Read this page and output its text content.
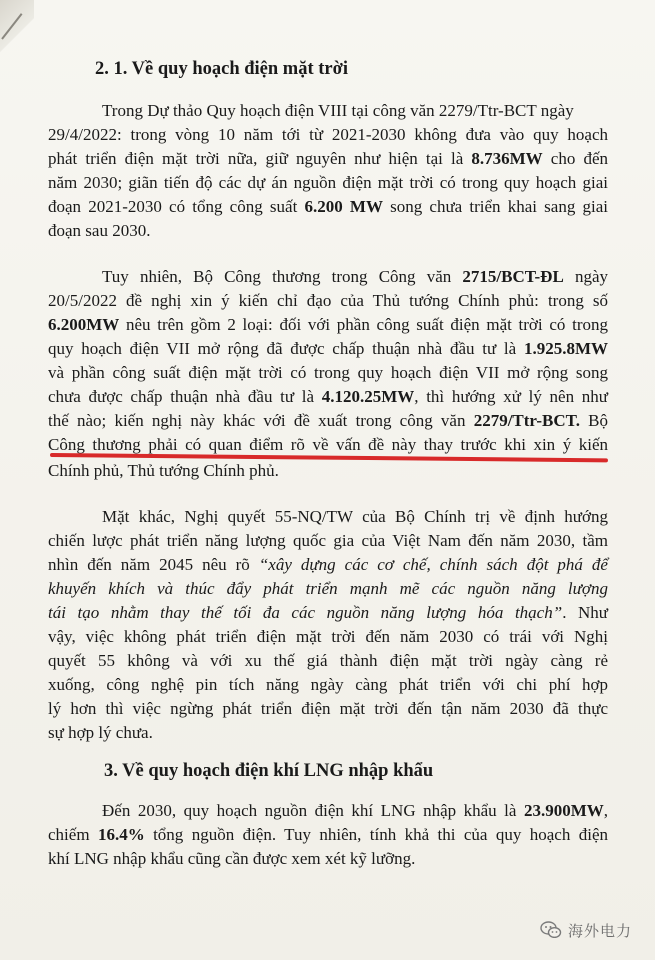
2. 1. Về quy hoạch điện mặt trời
Trong Dự thảo Quy hoạch điện VIII tại công văn 2279/Ttr-BCT ngày
29/4/2022: trong vòng 10 năm tới từ 2021-2030 không đưa vào quy hoạch
phát triển điện mặt trời nữa, giữ nguyên như hiện tại là 8.736MW cho đến
năm 2030; giãn tiến độ các dự án nguồn điện mặt trời có trong quy hoạch giai
đoạn 2021-2030 có tổng công suất 6.200 MW song chưa triển khai sang giai
đoạn sau 2030.
Tuy nhiên, Bộ Công thương trong Công văn 2715/BCT-ĐL ngày
20/5/2022 đề nghị xin ý kiến chỉ đạo của Thủ tướng Chính phủ: trong số
6.200MW nêu trên gồm 2 loại: đối với phần công suất điện mặt trời có trong
quy hoạch điện VII mở rộng đã được chấp thuận nhà đầu tư là 1.925.8MW
và phần công suất điện mặt trời có trong quy hoạch điện VII mở rộng song
chưa được chấp thuận nhà đầu tư là 4.120.25MW, thì hướng xử lý nên như
thế nào; kiến nghị này khác với đề xuất trong công văn 2279/Ttr-BCT. Bộ
Công thương phải có quan điểm rõ về vấn đề này thay trước khi xin ý kiến
Chính phủ, Thủ tướng Chính phủ.
Mặt khác, Nghị quyết 55-NQ/TW của Bộ Chính trị về định hướng
chiến lược phát triển năng lượng quốc gia của Việt Nam đến năm 2030, tầm
nhìn đến năm 2045 nêu rõ “xây dựng các cơ chế, chính sách đột phá để
khuyến khích và thúc đẩy phát triển mạnh mẽ các nguồn năng lượng
tái tạo nhằm thay thế tối đa các nguồn năng lượng hóa thạch”. Như
vậy, việc không phát triển điện mặt trời đến năm 2030 có trái với Nghị
quyết 55 không và với xu thế giá thành điện mặt trời ngày càng rẻ
xuống, công nghệ pin tích năng ngày càng phát triển với chi phí hợp
lý hơn thì việc ngừng phát triển điện mặt trời đến tận năm 2030 đã thực
sự hợp lý chưa.
3. Về quy hoạch điện khí LNG nhập khẩu
Đến 2030, quy hoạch nguồn điện khí LNG nhập khẩu là 23.900MW,
chiếm 16.4% tổng nguồn điện. Tuy nhiên, tính khả thi của quy hoạch điện
khí LNG nhập khẩu cũng cần được xem xét kỹ lưỡng.
海外电力
